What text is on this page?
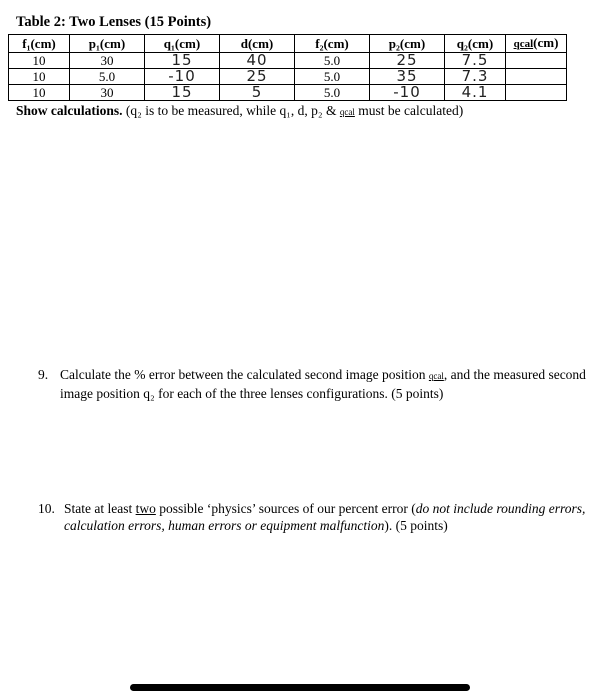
Table 2: Two Lenses (15 Points)
f₁(cm)	p₁(cm)	q₁(cm)	d(cm)	f₂(cm)	p₂(cm)	q₂(cm)	qcal(cm)
10	30	15	40	5.0	25	7.5	
10	5.0	-10	25	5.0	35	7.3	
10	30	15	5	5.0	-10	4.1	
Show calculations. (q₂ is to be measured, while q₁, d, p₂ & qcal must be calculated)
9. Calculate the % error between the calculated second image position qcal, and the measured second image position q₂ for each of the three lenses configurations. (5 points)
10. State at least two possible ‘physics’ sources of our percent error (do not include rounding errors, calculation errors, human errors or equipment malfunction). (5 points)
